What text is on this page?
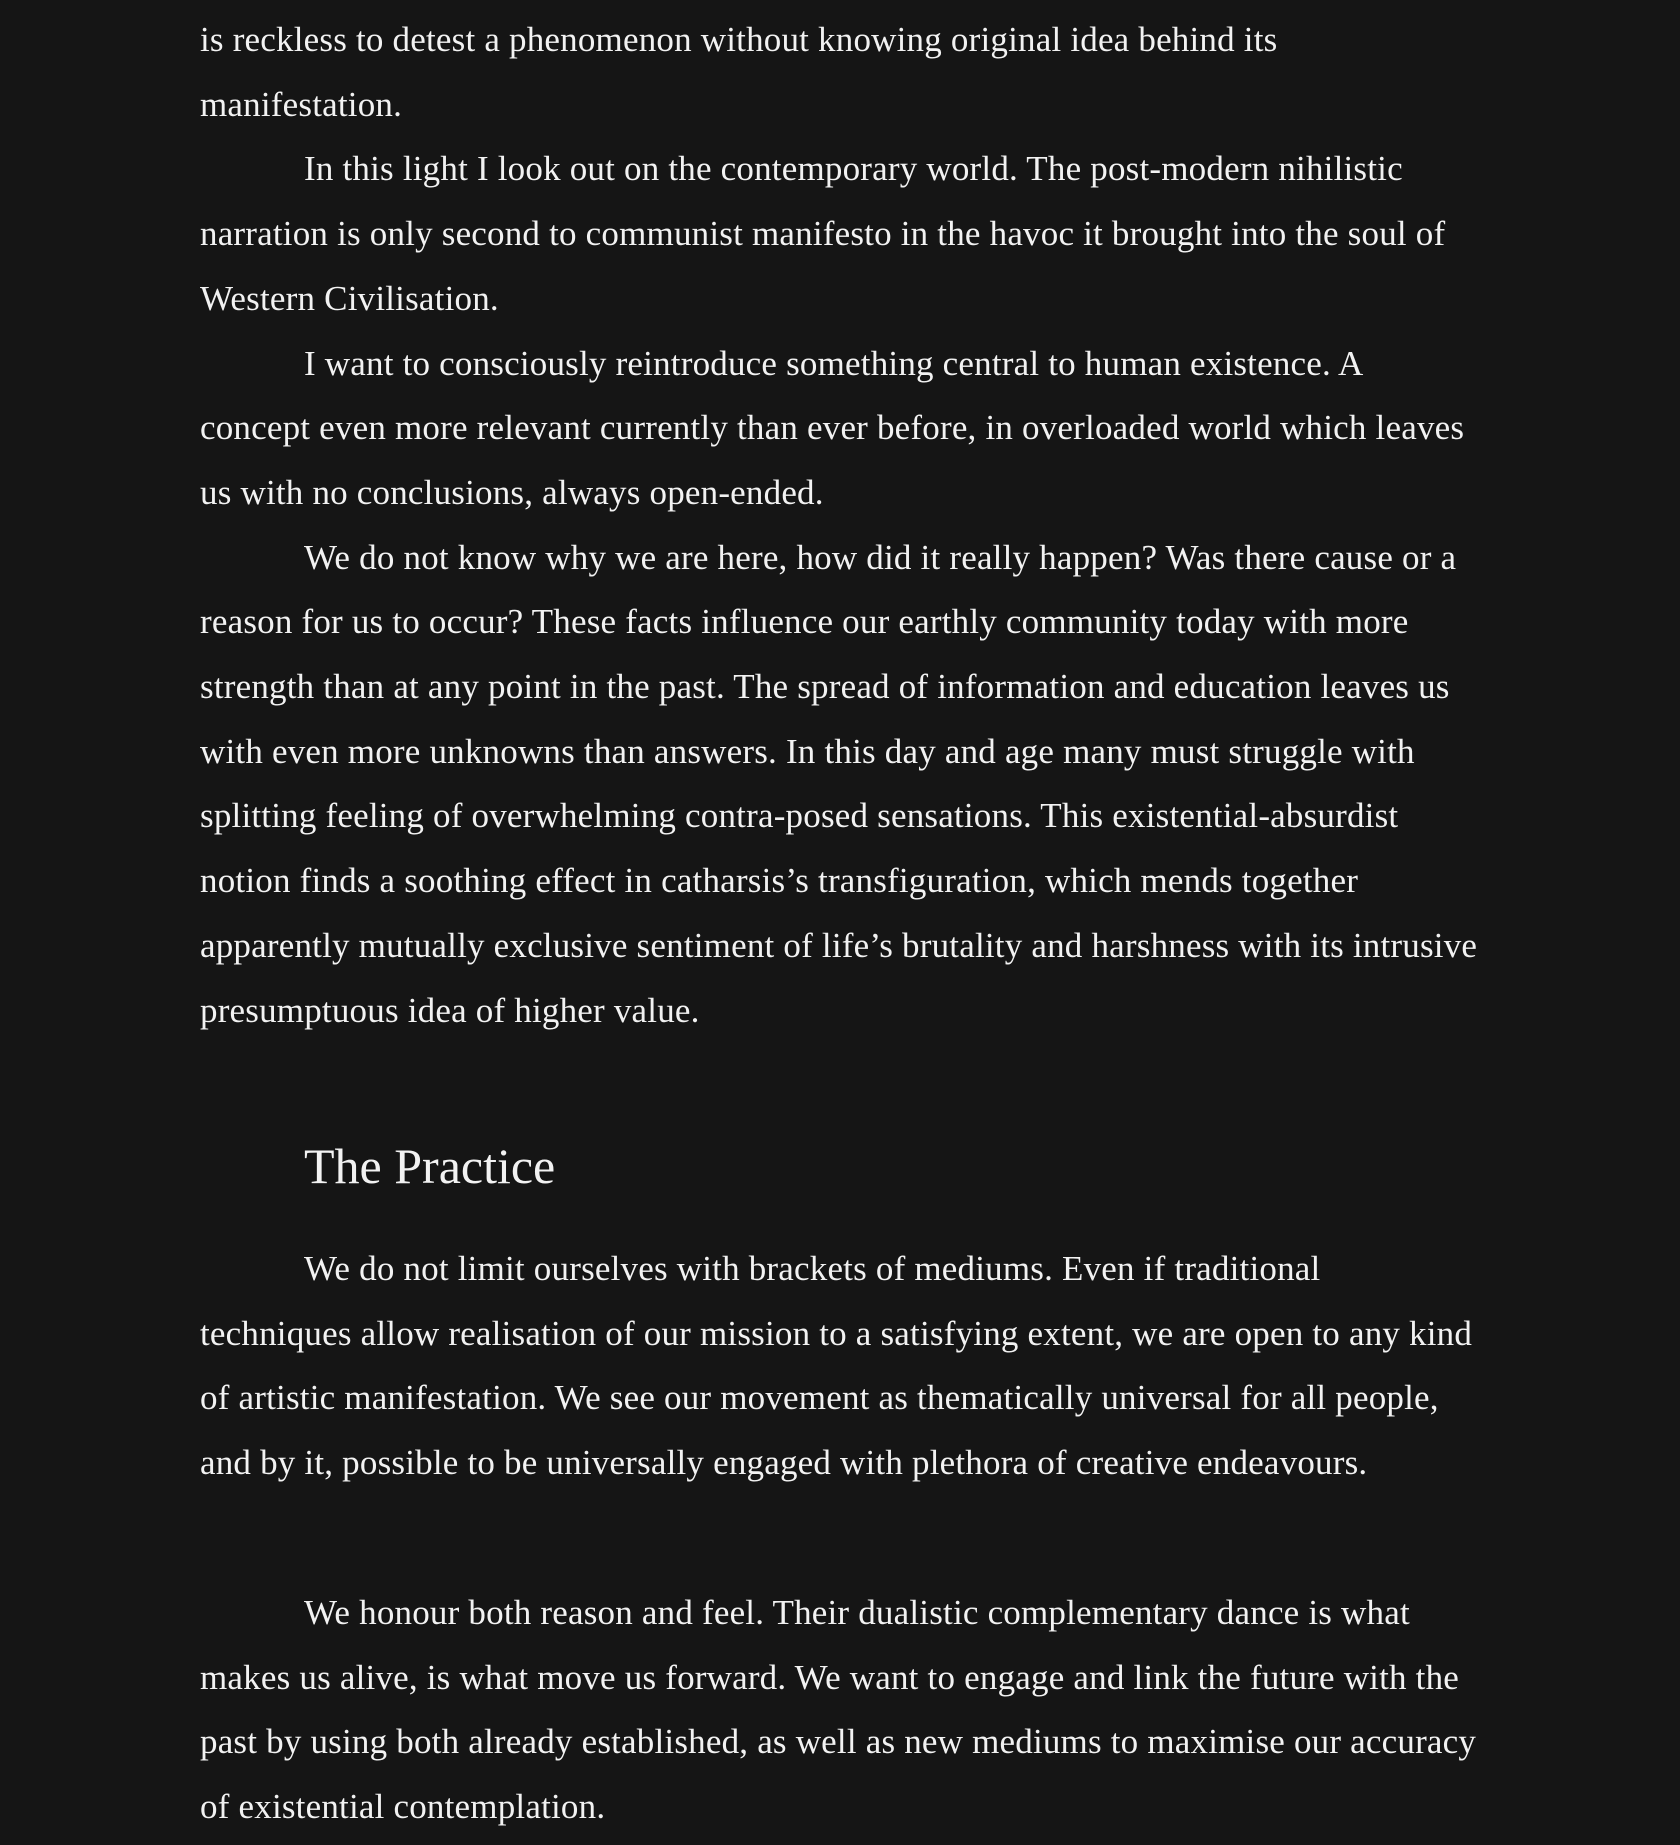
is reckless to detest a phenomenon without knowing original idea behind its manifestation.

In this light I look out on the contemporary world. The post-modern nihilistic narration is only second to communist manifesto in the havoc it brought into the soul of Western Civilisation.

I want to consciously reintroduce something central to human existence. A concept even more relevant currently than ever before, in overloaded world which leaves us with no conclusions, always open-ended.

We do not know why we are here, how did it really happen? Was there cause or a reason for us to occur? These facts influence our earthly community today with more strength than at any point in the past. The spread of information and education leaves us with even more unknowns than answers. In this day and age many must struggle with splitting feeling of overwhelming contra-posed sensations. This existential-absurdist notion finds a soothing effect in catharsis’s transfiguration, which mends together apparently mutually exclusive sentiment of life’s brutality and harshness with its intrusive presumptuous idea of higher value.

The Practice

We do not limit ourselves with brackets of mediums. Even if traditional techniques allow realisation of our mission to a satisfying extent, we are open to any kind of artistic manifestation. We see our movement as thematically universal for all people, and by it, possible to be universally engaged with plethora of creative endeavours.

We honour both reason and feel. Their dualistic complementary dance is what makes us alive, is what move us forward. We want to engage and link the future with the past by using both already established, as well as new mediums to maximise our accuracy of existential contemplation.
